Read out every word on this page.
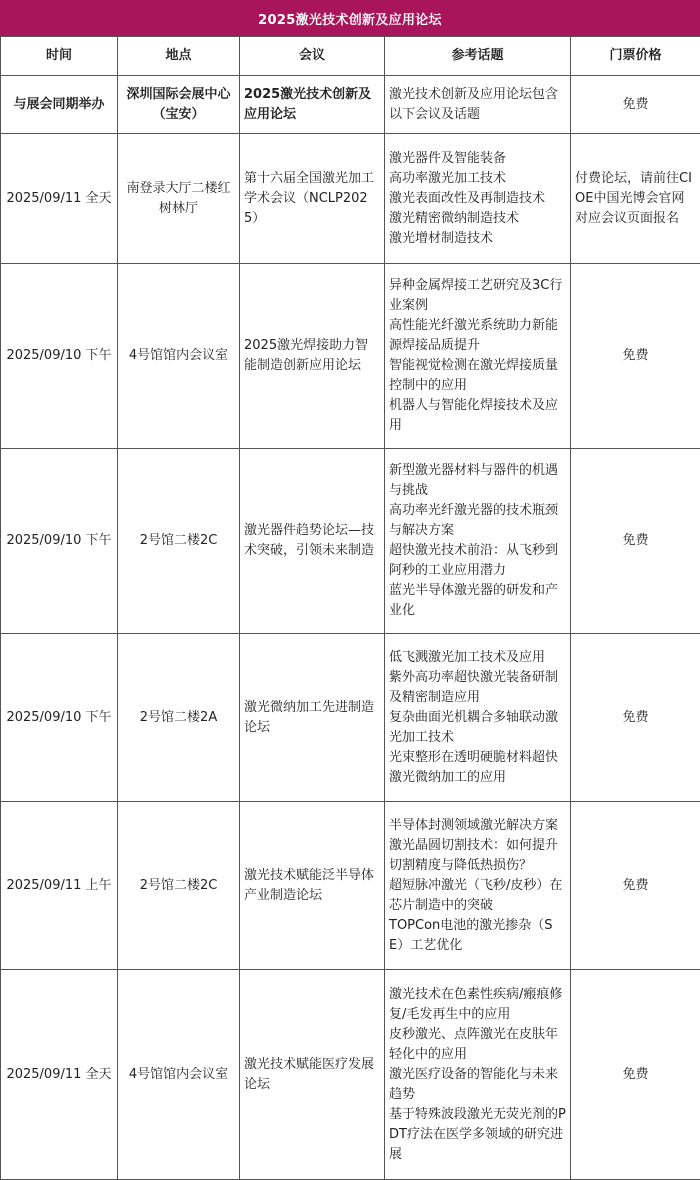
2025激光技术创新及应用论坛
时间	地点	会议	参考话题	门票价格
与展会同期举办	深圳国际会展中心（宝安）	2025激光技术创新及应用论坛	激光技术创新及应用论坛包含以下会议及话题	免费
2025/09/11 全天	南登录大厅二楼红树林厅	第十六届全国激光加工学术会议（NCLP2025）	激光器件及智能装备
高功率激光加工技术
激光表面改性及再制造技术
激光精密微纳制造技术
激光增材制造技术	付费论坛，请前往CIOE中国光博会官网对应会议页面报名
2025/09/10 下午	4号馆馆内会议室	2025激光焊接助力智能制造创新应用论坛	异种金属焊接工艺研究及3C行业案例
高性能光纤激光系统助力新能源焊接品质提升
智能视觉检测在激光焊接质量控制中的应用
机器人与智能化焊接技术及应用	免费
2025/09/10 下午	2号馆二楼2C	激光器件趋势论坛—技术突破，引领未来制造	新型激光器材料与器件的机遇与挑战
高功率光纤激光器的技术瓶颈与解决方案
超快激光技术前沿：从飞秒到阿秒的工业应用潜力
蓝光半导体激光器的研发和产业化	免费
2025/09/10 下午	2号馆二楼2A	激光微纳加工先进制造论坛	低飞溅激光加工技术及应用
紫外高功率超快激光装备研制及精密制造应用
复杂曲面光机耦合多轴联动激光加工技术
光束整形在透明硬脆材料超快激光微纳加工的应用	免费
2025/09/11 上午	2号馆二楼2C	激光技术赋能泛半导体产业制造论坛	半导体封测领域激光解决方案
激光晶圆切割技术：如何提升切割精度与降低热损伤？
超短脉冲激光（飞秒/皮秒）在芯片制造中的突破
TOPCon电池的激光掺杂（SE）工艺优化	免费
2025/09/11 全天	4号馆馆内会议室	激光技术赋能医疗发展论坛	激光技术在色素性疾病/瘢痕修复/毛发再生中的应用
皮秒激光、点阵激光在皮肤年轻化中的应用
激光医疗设备的智能化与未来趋势
基于特殊波段激光无荧光剂的PDT疗法在医学多领域的研究进展	免费
